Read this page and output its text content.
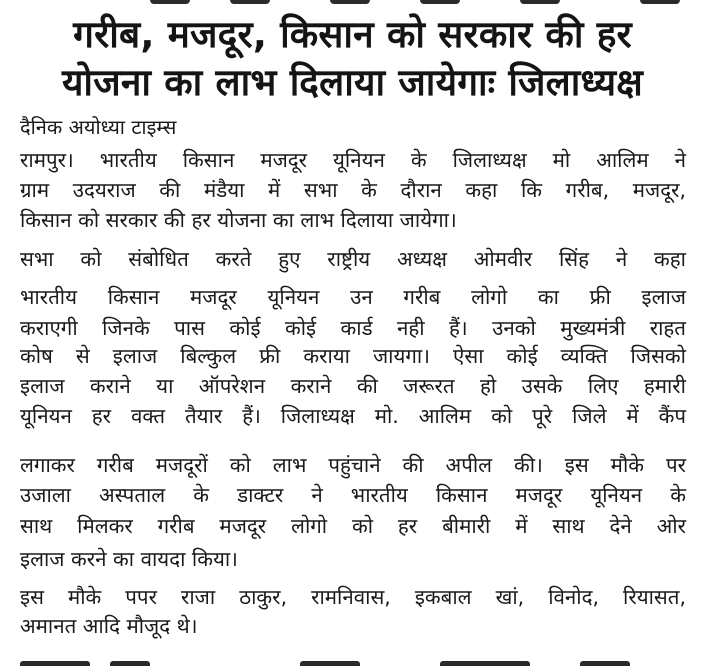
गरीब, मजदूर, किसान को सरकार की हर
योजना का लाभ दिलाया जायेगाः जिलाध्यक्ष
दैनिक अयोध्या टाइम्स
रामपुर। भारतीय किसान मजदूर यूनियन के जिलाध्यक्ष मो आलिम ने
ग्राम उदयराज की मंडैया में सभा के दौरान कहा कि गरीब, मजदूर,
किसान को सरकार की हर योजना का लाभ दिलाया जायेगा।
सभा को संबोधित करते हुए राष्ट्रीय अध्यक्ष ओमवीर सिंह ने कहा
भारतीय किसान मजदूर यूनियन उन गरीब लोगो का फ्री इलाज
कराएगी जिनके पास कोई कोई कार्ड नही हैं। उनको मुख्यमंत्री राहत
कोष से इलाज बिल्कुल फ्री कराया जायगा। ऐसा कोई व्यक्ति जिसको
इलाज कराने या ऑपरेशन कराने की जरूरत हो उसके लिए हमारी
यूनियन हर वक्त तैयार हैं। जिलाध्यक्ष मो. आलिम को पूरे जिले में कैंप
लगाकर गरीब मजदूरों को लाभ पहुंचाने की अपील की। इस मौके पर
उजाला अस्पताल के डाक्टर ने भारतीय किसान मजदूर यूनियन के
साथ मिलकर गरीब मजदूर लोगो को हर बीमारी में साथ देने ओर
इलाज करने का वायदा किया।
इस मौके पपर राजा ठाकुर, रामनिवास, इकबाल खां, विनोद, रियासत,
अमानत आदि मौजूद थे।
